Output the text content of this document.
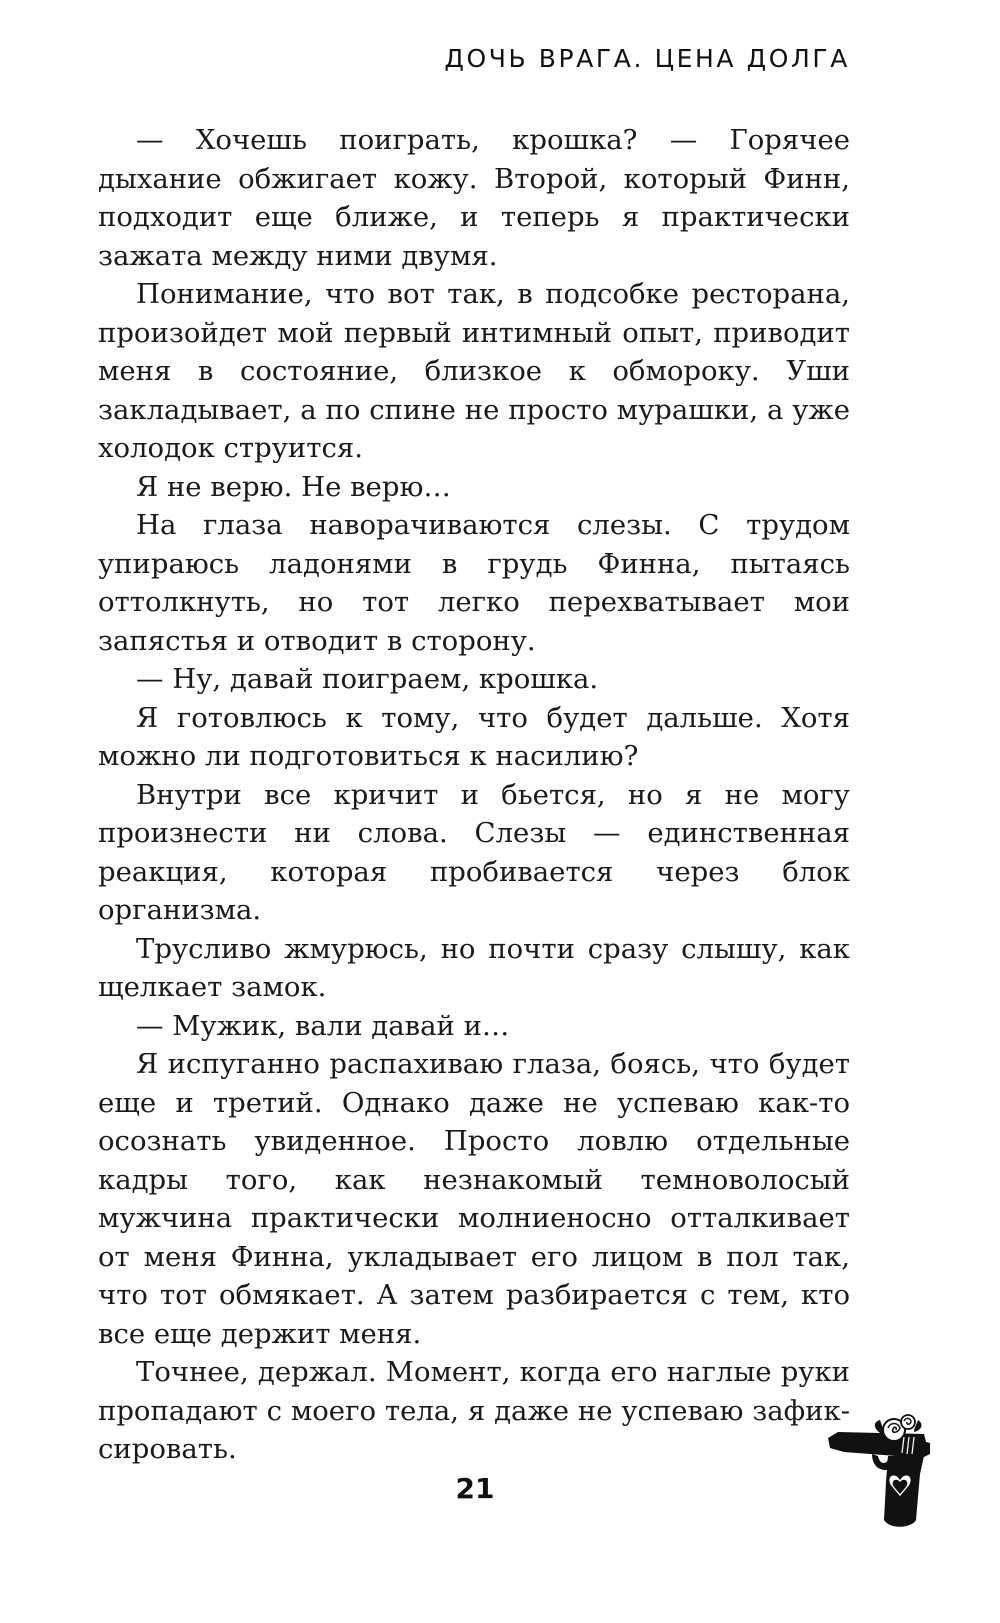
ДОЧЬ ВРАГА. ЦЕНА ДОЛГА

— Хочешь поиграть, крошка? — Горячее дыхание обжигает кожу. Второй, который Финн, подходит еще ближе, и теперь я практически зажата между ними двумя.

Понимание, что вот так, в подсобке ресторана, произойдет мой первый интимный опыт, приводит меня в состояние, близкое к обмороку. Уши закладывает, а по спине не просто мурашки, а уже холодок струится.

Я не верю. Не верю…

На глаза наворачиваются слезы. С трудом упираюсь ладонями в грудь Финна, пытаясь оттолкнуть, но тот легко перехватывает мои запястья и отводит в сторону.

— Ну, давай поиграем, крошка.

Я готовлюсь к тому, что будет дальше. Хотя можно ли подготовиться к насилию?

Внутри все кричит и бьется, но я не могу произнести ни слова. Слезы — единственная реакция, которая пробивается через блок организма.

Трусливо жмурюсь, но почти сразу слышу, как щелкает замок.

— Мужик, вали давай и…

Я испуганно распахиваю глаза, боясь, что будет еще и третий. Однако даже не успеваю как-то осознать увиденное. Просто ловлю отдельные кадры того, как незнакомый темноволосый мужчина практически молниеносно отталкивает от меня Финна, укладывает его лицом в пол так, что тот обмякает. А затем разбирается с тем, кто все еще держит меня.

Точнее, держал. Момент, когда его наглые руки пропадают с моего тела, я даже не успеваю зафиксировать.

21
